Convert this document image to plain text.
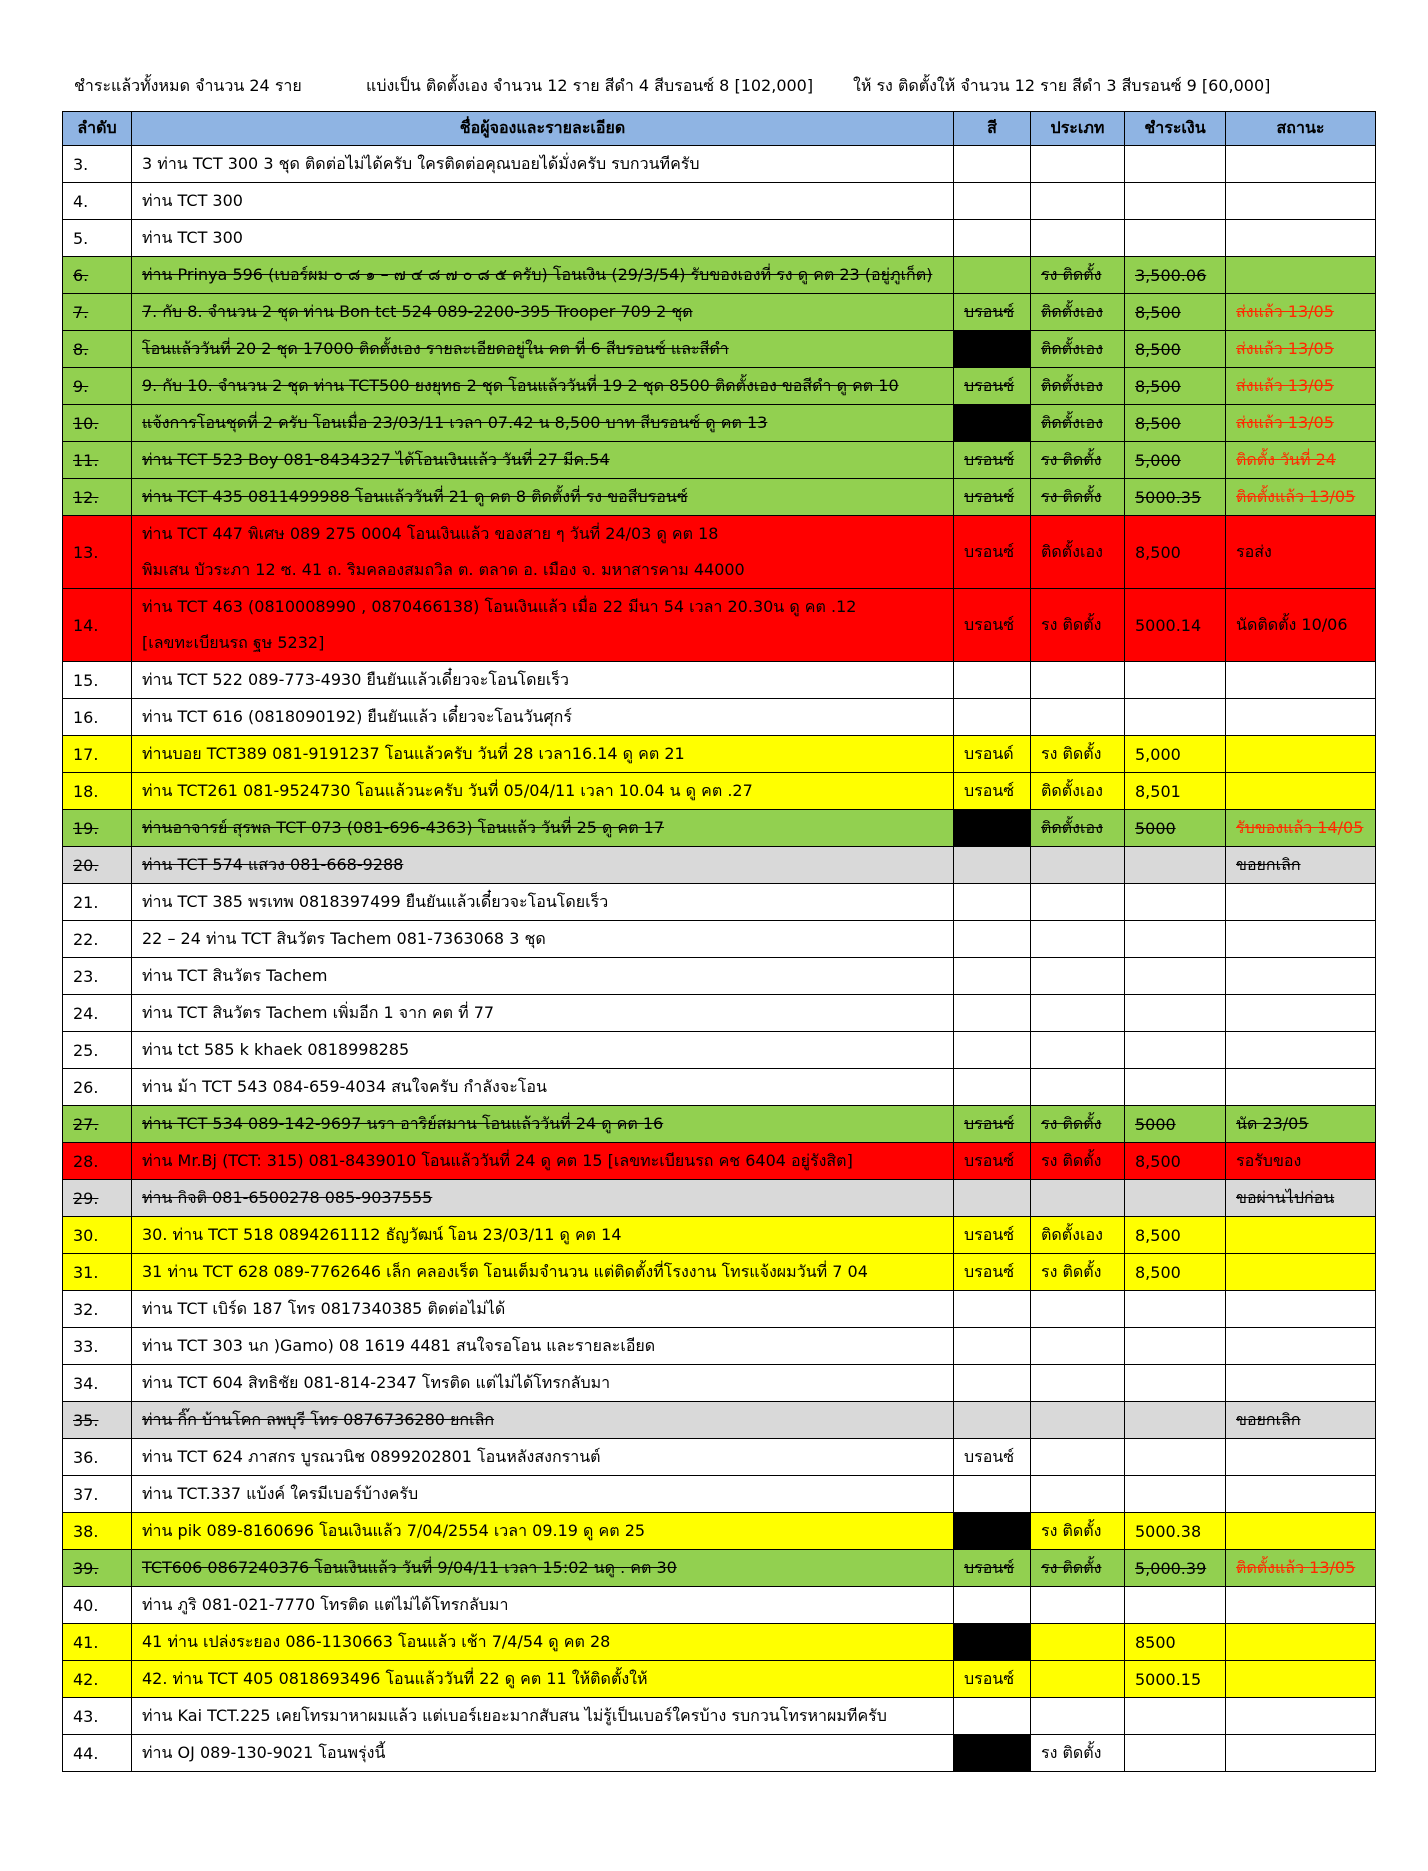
ชำระแล้วทั้งหมด จำนวน 24 ราย	แบ่งเป็น ติดตั้งเอง จำนวน 12 ราย สีดำ 4 สีบรอนซ์ 8 [102,000] ให้ รง ติดตั้งให้ จำนวน 12 ราย สีดำ 3 สีบรอนซ์ 9 [60,000]
ลำดับ	ชื่อผู้จองและรายละเอียด	สี	ประเภท	ชำระเงิน	สถานะ
3.	3 ท่าน TCT 300 3 ชุด ติดต่อไม่ได้ครับ ใครติดต่อคุณบอยได้มั่งครับ รบกวนทีครับ				

4.	ท่าน TCT 300				

5.	ท่าน TCT 300				

6.	ท่าน Prinya 596 (เบอร์ผม ๐ ๘ ๑ – ๗ ๔ ๘ ๗ ๐ ๘ ๕ ครับ) โอนเงิน (29/3/54) รับของเองที่ รง ดู คต 23 (อยู่ภูเก็ต)		รง ติดตั้ง	3,500.06	
7.	7. กับ 8. จำนวน 2 ชุด ท่าน Bon tct 524 089-2200-395 Trooper 709 2 ชุด	บรอนซ์	ติดตั้งเอง	8,500	ส่งแล้ว 13/05
8.	โอนแล้ววันที่ 20 2 ชุด 17000 ติดตั้งเอง รายละเอียดอยู่ใน คต ที่ 6 สีบรอนซ์ และสีดำ		ติดตั้งเอง	8,500	ส่งแล้ว 13/05
9.	9. กับ 10. จำนวน 2 ชุด ท่าน TCT500 ยงยุทธ 2 ชุด โอนแล้ววันที่ 19 2 ชุด 8500 ติดตั้งเอง ขอสีดำ ดู คต 10	บรอนซ์	ติดตั้งเอง	8,500	ส่งแล้ว 13/05
10.	แจ้งการโอนชุดที่ 2 ครับ โอนเมื่อ 23/03/11 เวลา 07.42 น 8,500 บาท สีบรอนซ์ ดู คต 13		ติดตั้งเอง	8,500	ส่งแล้ว 13/05
11.	ท่าน TCT 523 Boy 081-8434327 ได้โอนเงินแล้ว วันที่ 27 มีค.54	บรอนซ์	รง ติดตั้ง	5,000	ติดตั้ง วันที่ 24
12.	ท่าน TCT 435 0811499988 โอนแล้ววันที่ 21 ดู คต 8 ติดตั้งที่ รง ขอสีบรอนซ์	บรอนซ์	รง ติดตั้ง	5000.35	ติดตั้งแล้ว 13/05
13.	ท่าน TCT 447 พิเศษ 089 275 0004 โอนเงินแล้ว ของสาย ๆ วันที่ 24/03 ดู คต 18
พิมเสน บัวระภา 12 ซ. 41 ถ. ริมคลองสมถวิล ต. ตลาด อ. เมือง จ. มหาสารคาม 44000	บรอนซ์	ติดตั้งเอง	8,500	รอส่ง
14.	ท่าน TCT 463 (0810008990 , 0870466138) โอนเงินแล้ว เมื่อ 22 มีนา 54 เวลา 20.30น ดู คต .12
[เลขทะเบียนรถ ฐษ 5232]	บรอนซ์	รง ติดตั้ง	5000.14	นัดติดตั้ง 10/06
15.	ท่าน TCT 522 089-773-4930 ยืนยันแล้วเดี๋ยวจะโอนโดยเร็ว				

16.	ท่าน TCT 616 (0818090192) ยืนยันแล้ว เดี๋ยวจะโอนวันศุกร์				

17.	ท่านบอย TCT389 081-9191237 โอนแล้วครับ วันที่ 28 เวลา16.14 ดู คต 21	บรอนด์	รง ติดตั้ง	5,000	
18.	ท่าน TCT261 081-9524730 โอนแล้วนะครับ วันที่ 05/04/11 เวลา 10.04 น ดู คต .27	บรอนซ์	ติดตั้งเอง	8,501	
19.	ท่านอาจารย์ สุรพล TCT 073 (081-696-4363) โอนแล้ว วันที่ 25 ดู คต 17		ติดตั้งเอง	5000	รับของแล้ว 14/05
20.	ท่าน TCT 574 แสวง 081-668-9288				ขอยกเลิก
21.	ท่าน TCT 385 พรเทพ 0818397499 ยืนยันแล้วเดี๋ยวจะโอนโดยเร็ว				

22.	22 – 24 ท่าน TCT สินวัตร Tachem 081-7363068 3 ชุด				

23.	ท่าน TCT สินวัตร Tachem				

24.	ท่าน TCT สินวัตร Tachem เพิ่มอีก 1 จาก คต ที่ 77				

25.	ท่าน tct 585 k khaek 0818998285				

26.	ท่าน ม้า TCT 543 084-659-4034 สนใจครับ กำลังจะโอน				

27.	ท่าน TCT 534 089-142-9697 นรา อาริย์สมาน โอนแล้ววันที่ 24 ดู คต 16	บรอนซ์	รง ติดตั้ง	5000	นัด 23/05
28.	ท่าน Mr.Bj (TCT: 315) 081-8439010 โอนแล้ววันที่ 24 ดู คต 15 [เลขทะเบียนรถ คช 6404 อยู่รังสิต]	บรอนซ์	รง ติดตั้ง	8,500	รอรับของ
29.	ท่าน กิจติ 081-6500278 085-9037555				ขอผ่านไปก่อน
30.	30. ท่าน TCT 518 0894261112 ธัญวัฒน์ โอน 23/03/11 ดู คต 14	บรอนซ์	ติดตั้งเอง	8,500	
31.	31 ท่าน TCT 628 089-7762646 เล็ก คลองเร็ต โอนเต็มจำนวน แต่ติดตั้งที่โรงงาน โทรแจ้งผมวันที่ 7 04	บรอนซ์	รง ติดตั้ง	8,500	
32.	ท่าน TCT เบิร์ด 187 โทร 0817340385 ติดต่อไม่ได้				

33.	ท่าน TCT 303 นก )Gamo) 08 1619 4481 สนใจรอโอน และรายละเอียด				

34.	ท่าน TCT 604 สิทธิชัย 081-814-2347 โทรติด แต่ไม่ได้โทรกลับมา				

35.	ท่าน กิ๊ก บ้านโคก ลพบุรี โทร 0876736280 ยกเลิก				ขอยกเลิก
36.	ท่าน TCT 624 ภาสกร บูรณวนิช 0899202801 โอนหลังสงกรานต์	บรอนซ์			
37.	ท่าน TCT.337 แบ้งค์ ใครมีเบอร์บ้างครับ				

38.	ท่าน pik 089-8160696 โอนเงินแล้ว 7/04/2554 เวลา 09.19 ดู คต 25		รง ติดตั้ง	5000.38	
39.	TCT606 0867240376 โอนเงินแล้ว วันที่ 9/04/11 เวลา 15:02 นดู . คต 30	บรอนซ์	รง ติดตั้ง	5,000.39	ติดตั้งแล้ว 13/05
40.	ท่าน ภูริ 081-021-7770 โทรติด แต่ไม่ได้โทรกลับมา				

41.	41 ท่าน เปล่งระยอง 086-1130663 โอนแล้ว เช้า 7/4/54 ดู คต 28			8500	
42.	42. ท่าน TCT 405 0818693496 โอนแล้ววันที่ 22 ดู คต 11 ให้ติดตั้งให้	บรอนซ์		5000.15	
43.	ท่าน Kai TCT.225 เคยโทรมาหาผมแล้ว แต่เบอร์เยอะมากสับสน ไม่รู้เป็นเบอร์ใครบ้าง รบกวนโทรหาผมทีครับ				

44.	ท่าน OJ 089-130-9021 โอนพรุ่งนี้		รง ติดตั้ง		
